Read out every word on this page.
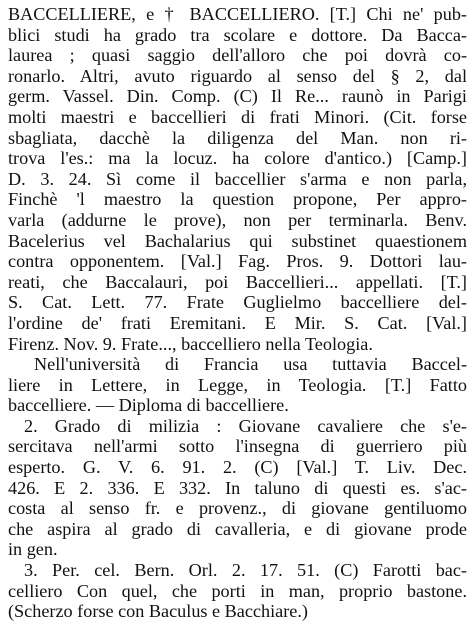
BACCELLIERE, e † BACCELLIERO. [T.] Chi ne' pub-
blici studi ha grado tra scolare e dottore. Da Bacca-
laurea ; quasi saggio dell'alloro che poi dovrà co-
ronarlo. Altri, avuto riguardo al senso del § 2, dal
germ. Vassel. Din. Comp. (C) Il Re... raunò in Parigi
molti maestri e baccellieri di frati Minori. (Cit. forse
sbagliata, dacchè la diligenza del Man. non ri-
trova l'es.: ma la locuz. ha colore d'antico.) [Camp.]
D. 3. 24. Sì come il baccellier s'arma e non parla,
Finchè 'l maestro la question propone, Per appro-
varla (addurne le prove), non per terminarla. Benv.
Bacelerius vel Bachalarius qui substinet quaestionem
contra opponentem. [Val.] Fag. Pros. 9. Dottori lau-
reati, che Baccalauri, poi Baccellieri... appellati. [T.]
S. Cat. Lett. 77. Frate Guglielmo baccelliere del-
l'ordine de' frati Eremitani. E Mir. S. Cat. [Val.]
Firenz. Nov. 9. Frate..., baccelliero nella Teologia.
Nell'università di Francia usa tuttavia Baccel-
liere in Lettere, in Legge, in Teologia. [T.] Fatto
baccelliere. — Diploma di baccelliere.
2. Grado di milizia : Giovane cavaliere che s'e-
sercitava nell'armi sotto l'insegna di guerriero più
esperto. G. V. 6. 91. 2. (C) [Val.] T. Liv. Dec.
426. E 2. 336. E 332. In taluno di questi es. s'ac-
costa al senso fr. e provenz., di giovane gentiluomo
che aspira al grado di cavalleria, e di giovane prode
in gen.
3. Per. cel. Bern. Orl. 2. 17. 51. (C) Farotti bac-
celliero Con quel, che porti in man, proprio bastone.
(Scherzo forse con Baculus e Bacchiare.)
